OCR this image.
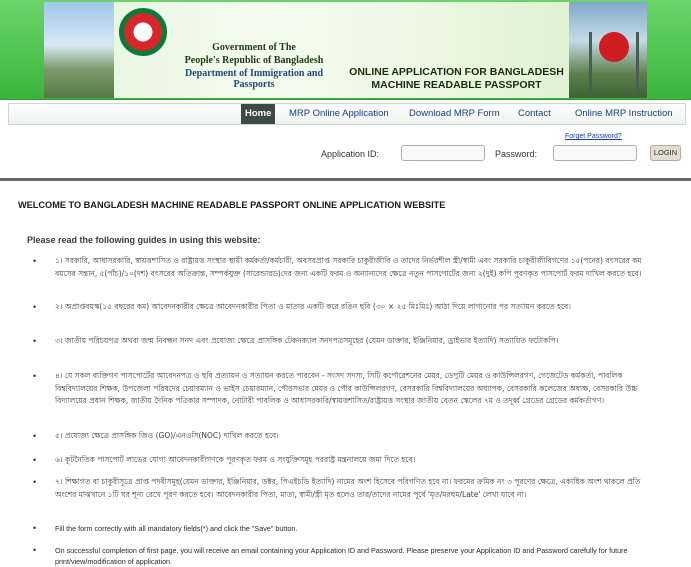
Government of The
People's Republic of Bangladesh
Department of Immigration and Passports
ONLINE APPLICATION FOR BANGLADESH
MACHINE READABLE PASSPORT
Home	MRP Online Application Download MRP Form Contact	Online MRP Instruction
Forget Password?
Application ID:	Password:	LOGIN
WELCOME TO BANGLADESH MACHINE READABLE PASSPORT ONLINE APPLICATION WEBSITE
Please read the following guides in using this website:
•	১। সরকারি, আধাসরকারি, স্বায়ত্তশাসিত ও রাষ্ট্রায়ত্ত সংস্থার স্থায়ী কর্মকর্তা/কর্মচারী, অবসরপ্রাপ্ত সরকারি চাকুরীজীবি ও তাদের নির্ভরশীল স্ত্রী/স্বামী এবং সরকারি চাকুরীজীবিগণের ১৫(পনের) বৎসরের কম বয়সের সন্তান, ৫(পাঁচ)/১০(দশ) বৎসরের অতিক্রান্ত, সম্পর্কযুক্ত (সারেন্ডারড)দের জন্য একটি ফরম ও অন্যান্যদের ক্ষেত্রে নতুন পাসপোর্টের জন্য ২(দুই) কপি পূরণকৃত পাসপোর্ট ফরম দাখিল করতে হবে।
•	২। অপ্রাপ্তবয়স্ক(১৫ বছরের কম) আবেদনকারীর ক্ষেত্রে আবেদনকারীর পিতা ও মাতার একটি করে রঙিন ছবি (৩০ × ২৫ মিঃমিঃ) আঠা দিয়ে লাগানোর পর সত্যায়ন করতে হবে।
•	৩। জাতীয় পরিচয়পত্র অথবা জন্ম নিবন্ধন সনদ এবং প্রযোজ্য ক্ষেত্রে প্রাসঙ্গিক টেকনক্যাল সনদপত্রসমূহের (যেমন ডাক্তার, ইঞ্জিনিয়ার, ড্রাইভার ইত্যাদি) সত্যায়িত ফটোকপি।
•	৪। যে সকল ব্যক্তিগণ পাসপোর্টের আবেদনপত্র ও ছবি প্রত্যায়ন ও সত্যায়ন করতে পারবেন - সংসদ সদস্য, সিটি কর্পোরেশনের মেয়র, ডেপুটি মেয়র ও কাউন্সিলরগণ, গেজেটেড কর্মকর্তা, পাবলিক বিশ্ববিদ্যালয়ের শিক্ষক, উপজেলা পরিষদের চেয়ারম্যান ও ভাইস চেয়ারম্যান, পৌরসভার মেয়র ও পৌর কাউন্সিলরগণ, বেসরকারি বিশ্ববিদ্যালয়ের অধ্যাপক, বেসরকারি কলেজের অধ্যক্ষ, বেসরকারি উচ্চ বিদ্যালয়ের প্রধান শিক্ষক, জাতীয় দৈনিক পত্রিকার সম্পাদক, নোটারী পাবলিক ও আধাসরকারি/স্বায়ত্তশাসিত/রাষ্ট্রায়ত্ত সংস্থার জাতীয় বেতন স্কেলের ৭ম ও তদূর্ধ্ব গ্রেডের গ্রেডের কর্মকর্তাগণ।
•	৫। প্রযোজ্য ক্ষেত্রে প্রাসঙ্গিক জিও (GO)/এনওসি(NOC) দাখিল করতে হবে।
•	৬। কূটনৈতিক পাসপোর্ট লাভের যোগ্য আবেদনকারীগণকে পূরণকৃত ফরম ও সংযুক্তিসমূহ পররাষ্ট্র মন্ত্রনালয়ে জমা দিতে হবে।
•	৭। শিক্ষাগত বা চাকুরীসূত্রে প্রাপ্ত পদবীসমূহ(যেমন ডাক্তার, ইঞ্জিনিয়ার, ডক্টর, পিএইচডি ইত্যাদি) নামের অংশ হিসেবে পরিগণিত হবে না। ফরমের ক্রমিক নং ৩ পূরণের ক্ষেত্রে, একাধিক অংশ থাকলে প্রতি অংশের মাঝখানে ১টি ঘর শূন্য রেখে পূরণ করতে হবে। আবেদনকারীর পিতা, মাতা, স্বামী/স্ত্রী মৃত হলেও তার/তাদের নামের পূর্বে 'মৃত/মরহুম/Late' লেখা যাবে না।
•	Fill the form correctly with all mandatory fields(*) and click the "Save" button.
•	On successful completion of first page, you will receive an email containing your Application ID and Password. Please preserve your Application ID and Password carefully for future print/view/modification of application.
